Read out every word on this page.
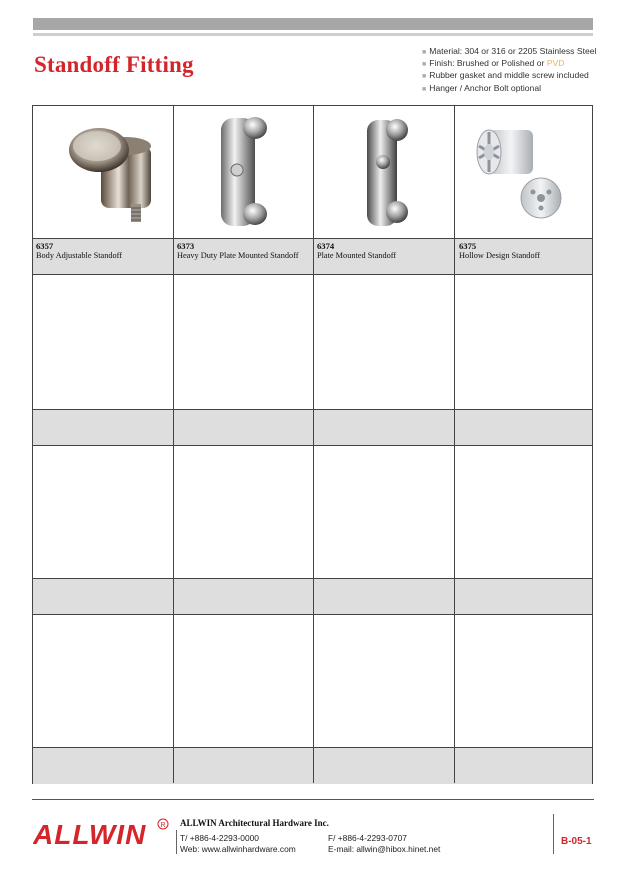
Standoff Fitting	■ Material: 304 or 316 or 2205 Stainless Steel
■ Finish: Brushed or Polished or PVD
■ Rubber gasket and middle screw included
■ Hanger / Anchor Bolt optional
6357
Body Adjustable Standoff
6373
Heavy Duty Plate Mounted Standoff
6374
Plate Mounted Standoff
6375
Hollow Design Standoff
ALLWIN R ALLWIN Architectural Hardware Inc.
T/ +886-4-2293-0000
Web: www.allwinhardware.com
F/ +886-4-2293-0707
E-mail: allwin@hibox.hinet.net
B-05-1
